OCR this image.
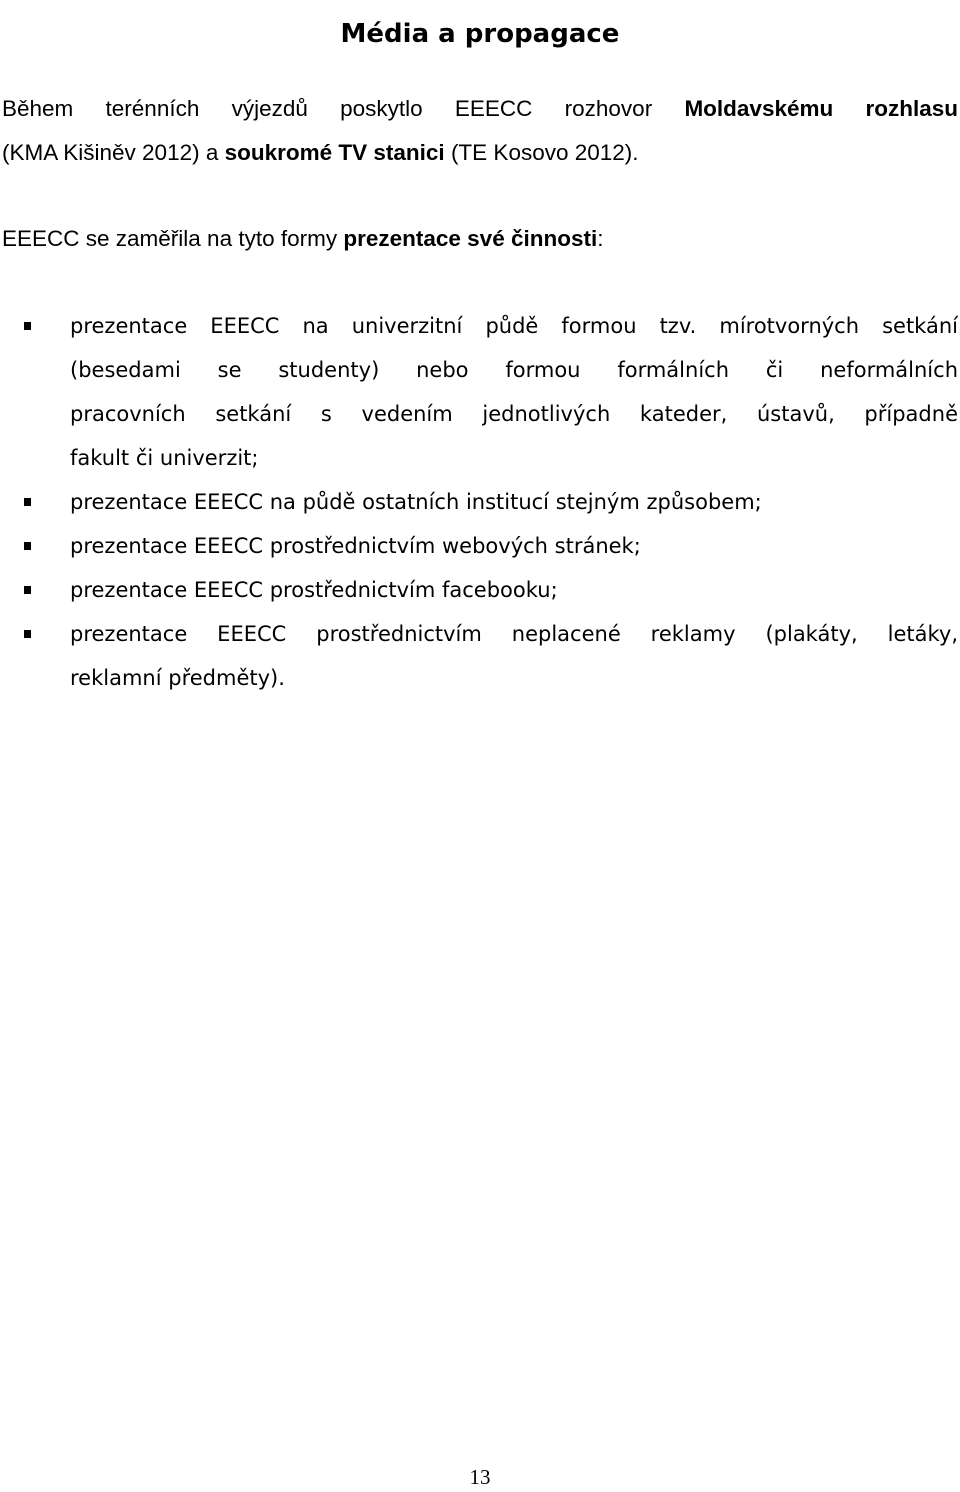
Média a propagace

Během terénních výjezdů poskytlo EEECC rozhovor Moldavskému rozhlasu
(KMA Kišiněv 2012) a soukromé TV stanici (TE Kosovo 2012).

EEECC se zaměřila na tyto formy prezentace své činnosti:

prezentace EEECC na univerzitní půdě formou tzv. mírotvorných setkání
(besedami se studenty) nebo formou formálních či neformálních
pracovních setkání s vedením jednotlivých kateder, ústavů, případně
fakult či univerzit;
prezentace EEECC na půdě ostatních institucí stejným způsobem;
prezentace EEECC prostřednictvím webových stránek;
prezentace EEECC prostřednictvím facebooku;
prezentace EEECC prostřednictvím neplacené reklamy (plakáty, letáky,
reklamní předměty).
13
